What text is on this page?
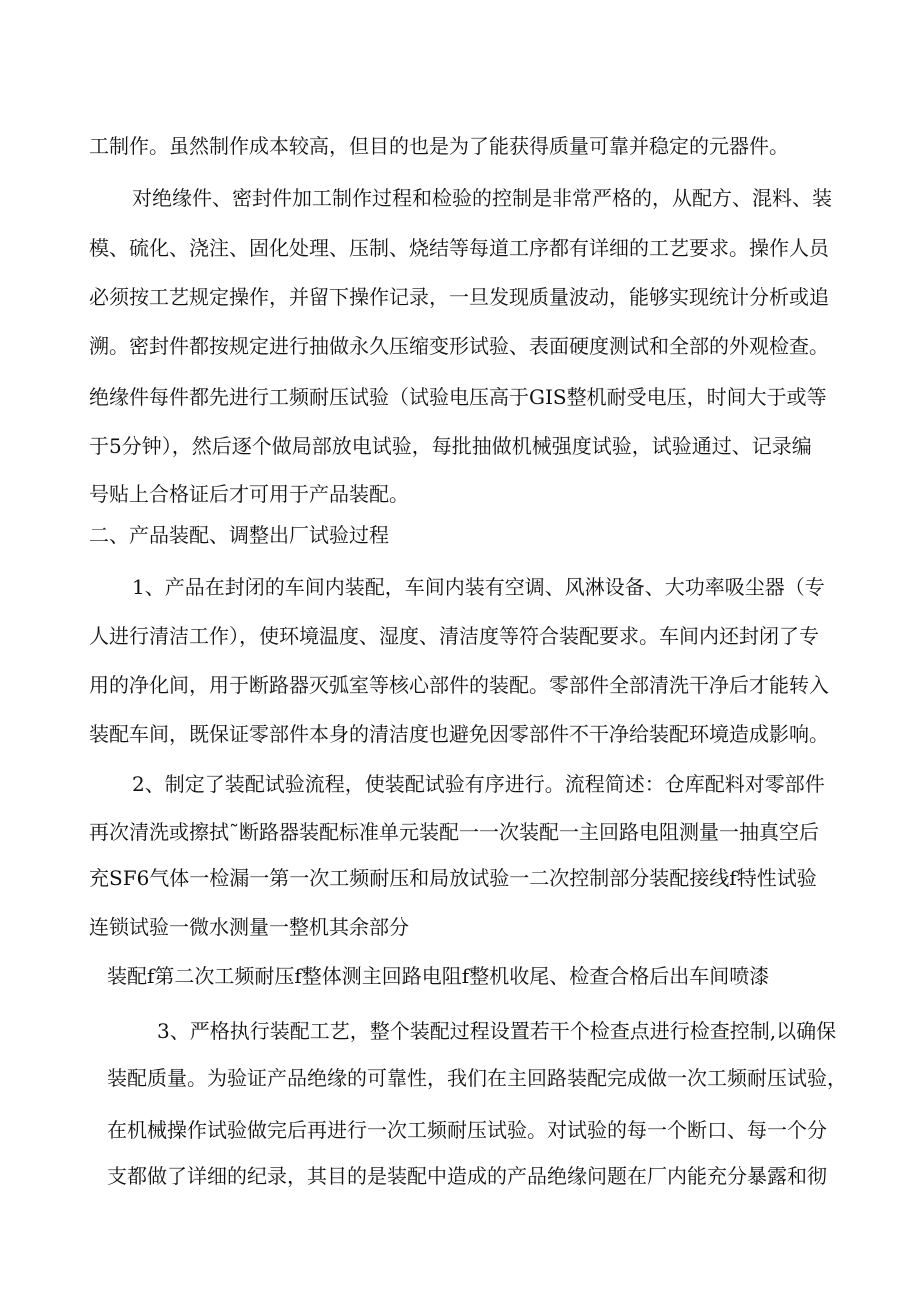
工制作。虽然制作成本较高，但目的也是为了能获得质量可靠并稳定的元器件。
对绝缘件、密封件加工制作过程和检验的控制是非常严格的，从配方、混料、装
模、硫化、浇注、固化处理、压制、烧结等每道工序都有详细的工艺要求。操作人员
必须按工艺规定操作，并留下操作记录，一旦发现质量波动，能够实现统计分析或追
溯。密封件都按规定进行抽做永久压缩变形试验、表面硬度测试和全部的外观检查。
绝缘件每件都先进行工频耐压试验（试验电压高于GIS整机耐受电压，时间大于或等
于5分钟），然后逐个做局部放电试验，每批抽做机械强度试验，试验通过、记录编
号贴上合格证后才可用于产品装配。
二、产品装配、调整出厂试验过程
1、产品在封闭的车间内装配，车间内装有空调、风淋设备、大功率吸尘器（专
人进行清洁工作），使环境温度、湿度、清洁度等符合装配要求。车间内还封闭了专
用的净化间，用于断路器灭弧室等核心部件的装配。零部件全部清洗干净后才能转入
装配车间，既保证零部件本身的清洁度也避免因零部件不干净给装配环境造成影响。
2、制定了装配试验流程，使装配试验有序进行。流程简述：仓库配料对零部件
再次清洗或擦拭˜断路器装配标准单元装配一一次装配一主回路电阻测量一抽真空后
充SF6气体一检漏一第一次工频耐压和局放试验一二次控制部分装配接线f特性试验
连锁试验一微水测量一整机其余部分
装配f第二次工频耐压f整体测主回路电阻f整机收尾、检查合格后出车间喷漆
3、严格执行装配工艺，整个装配过程设置若干个检查点进行检查控制,以确保
装配质量。为验证产品绝缘的可靠性，我们在主回路装配完成做一次工频耐压试验，
在机械操作试验做完后再进行一次工频耐压试验。对试验的每一个断口、每一个分
支都做了详细的纪录，其目的是装配中造成的产品绝缘问题在厂内能充分暴露和彻
